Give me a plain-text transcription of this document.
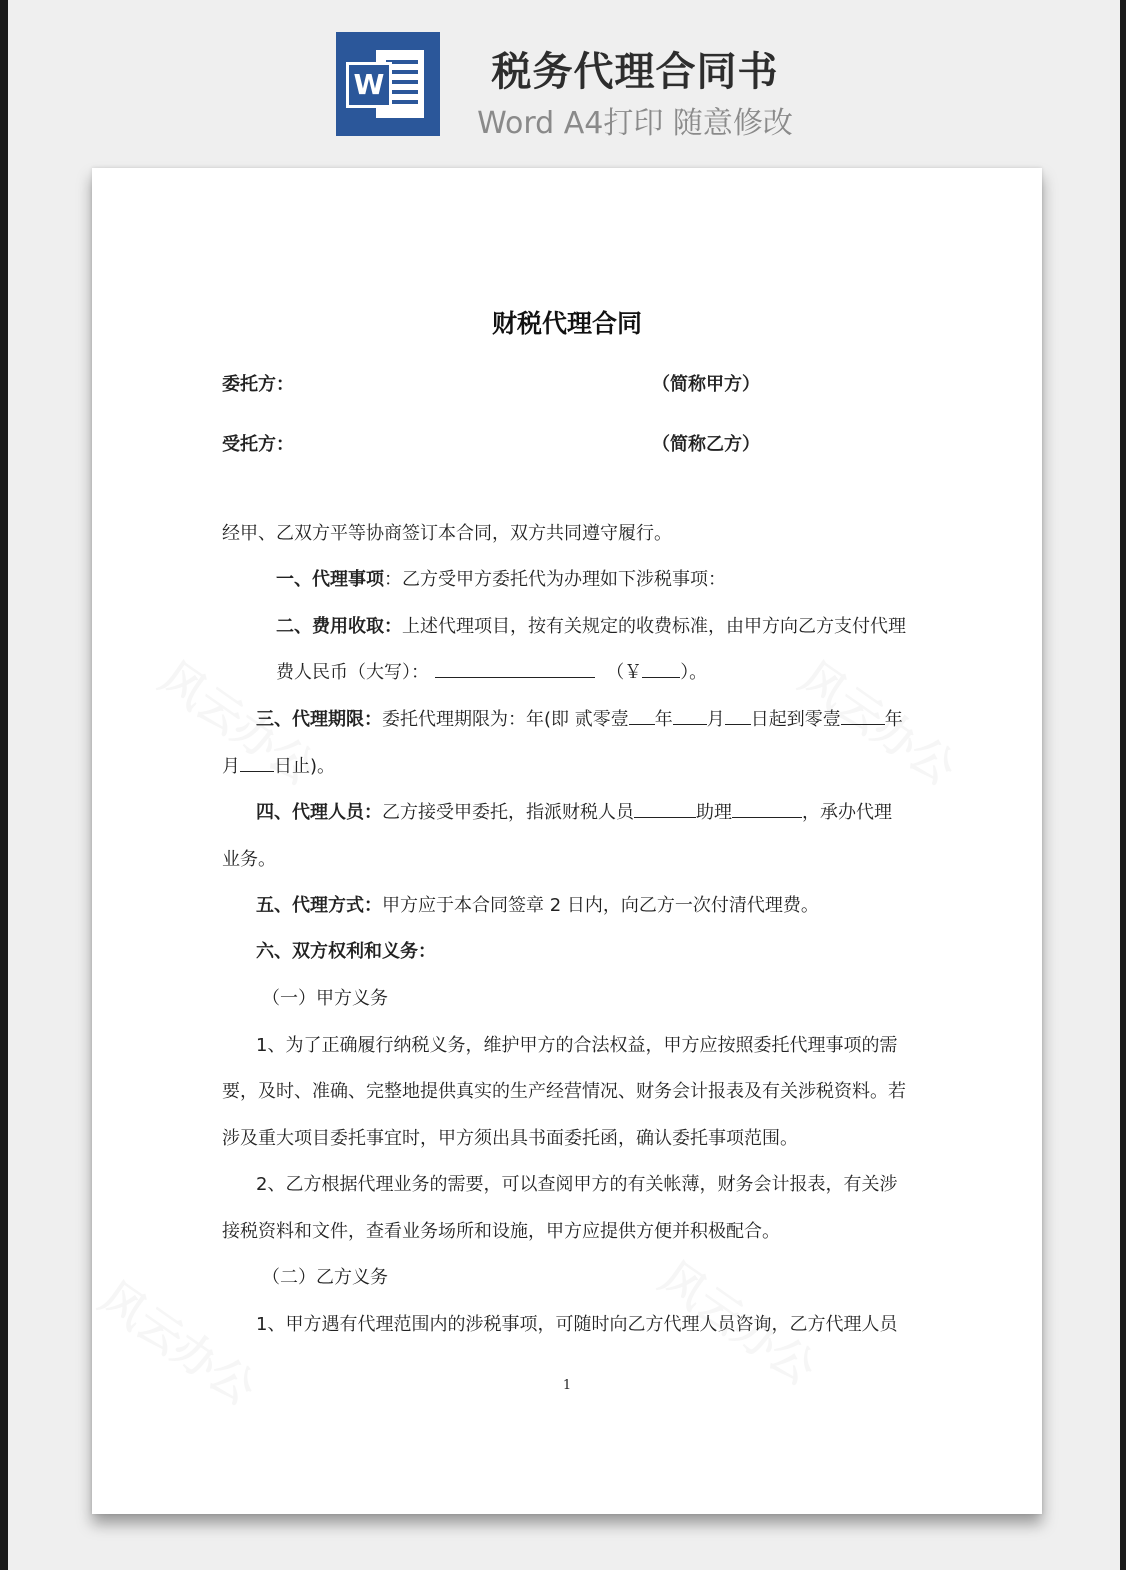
W	税务代理合同书
Word A4打印 随意修改
财税代理合同
委托方：	（简称甲方）
受托方：	（简称乙方）
经甲、乙双方平等协商签订本合同，双方共同遵守履行。
一、代理事项：乙方受甲方委托代为办理如下涉税事项：
二、费用收取：上述代理项目，按有关规定的收费标准，由甲方向乙方支付代理
费人民币（大写）：	（￥ ）。
三、代理期限：委托代理期限为：年(即 贰零壹 年 月 日起到零壹 年
月 日止)。
四、代理人员：乙方接受甲委托，指派财税人员	助理	，承办代理
业务。
五、代理方式：甲方应于本合同签章 2 日内，向乙方一次付清代理费。
六、双方权利和义务：
（一）甲方义务
1、为了正确履行纳税义务，维护甲方的合法权益，甲方应按照委托代理事项的需
要，及时、准确、完整地提供真实的生产经营情况、财务会计报表及有关涉税资料。若
涉及重大项目委托事宜时，甲方须出具书面委托函，确认委托事项范围。
2、乙方根据代理业务的需要，可以查阅甲方的有关帐薄，财务会计报表，有关涉
接税资料和文件，查看业务场所和设施，甲方应提供方便并积极配合。
（二）乙方义务
1、甲方遇有代理范围内的涉税事项，可随时向乙方代理人员咨询，乙方代理人员
1
